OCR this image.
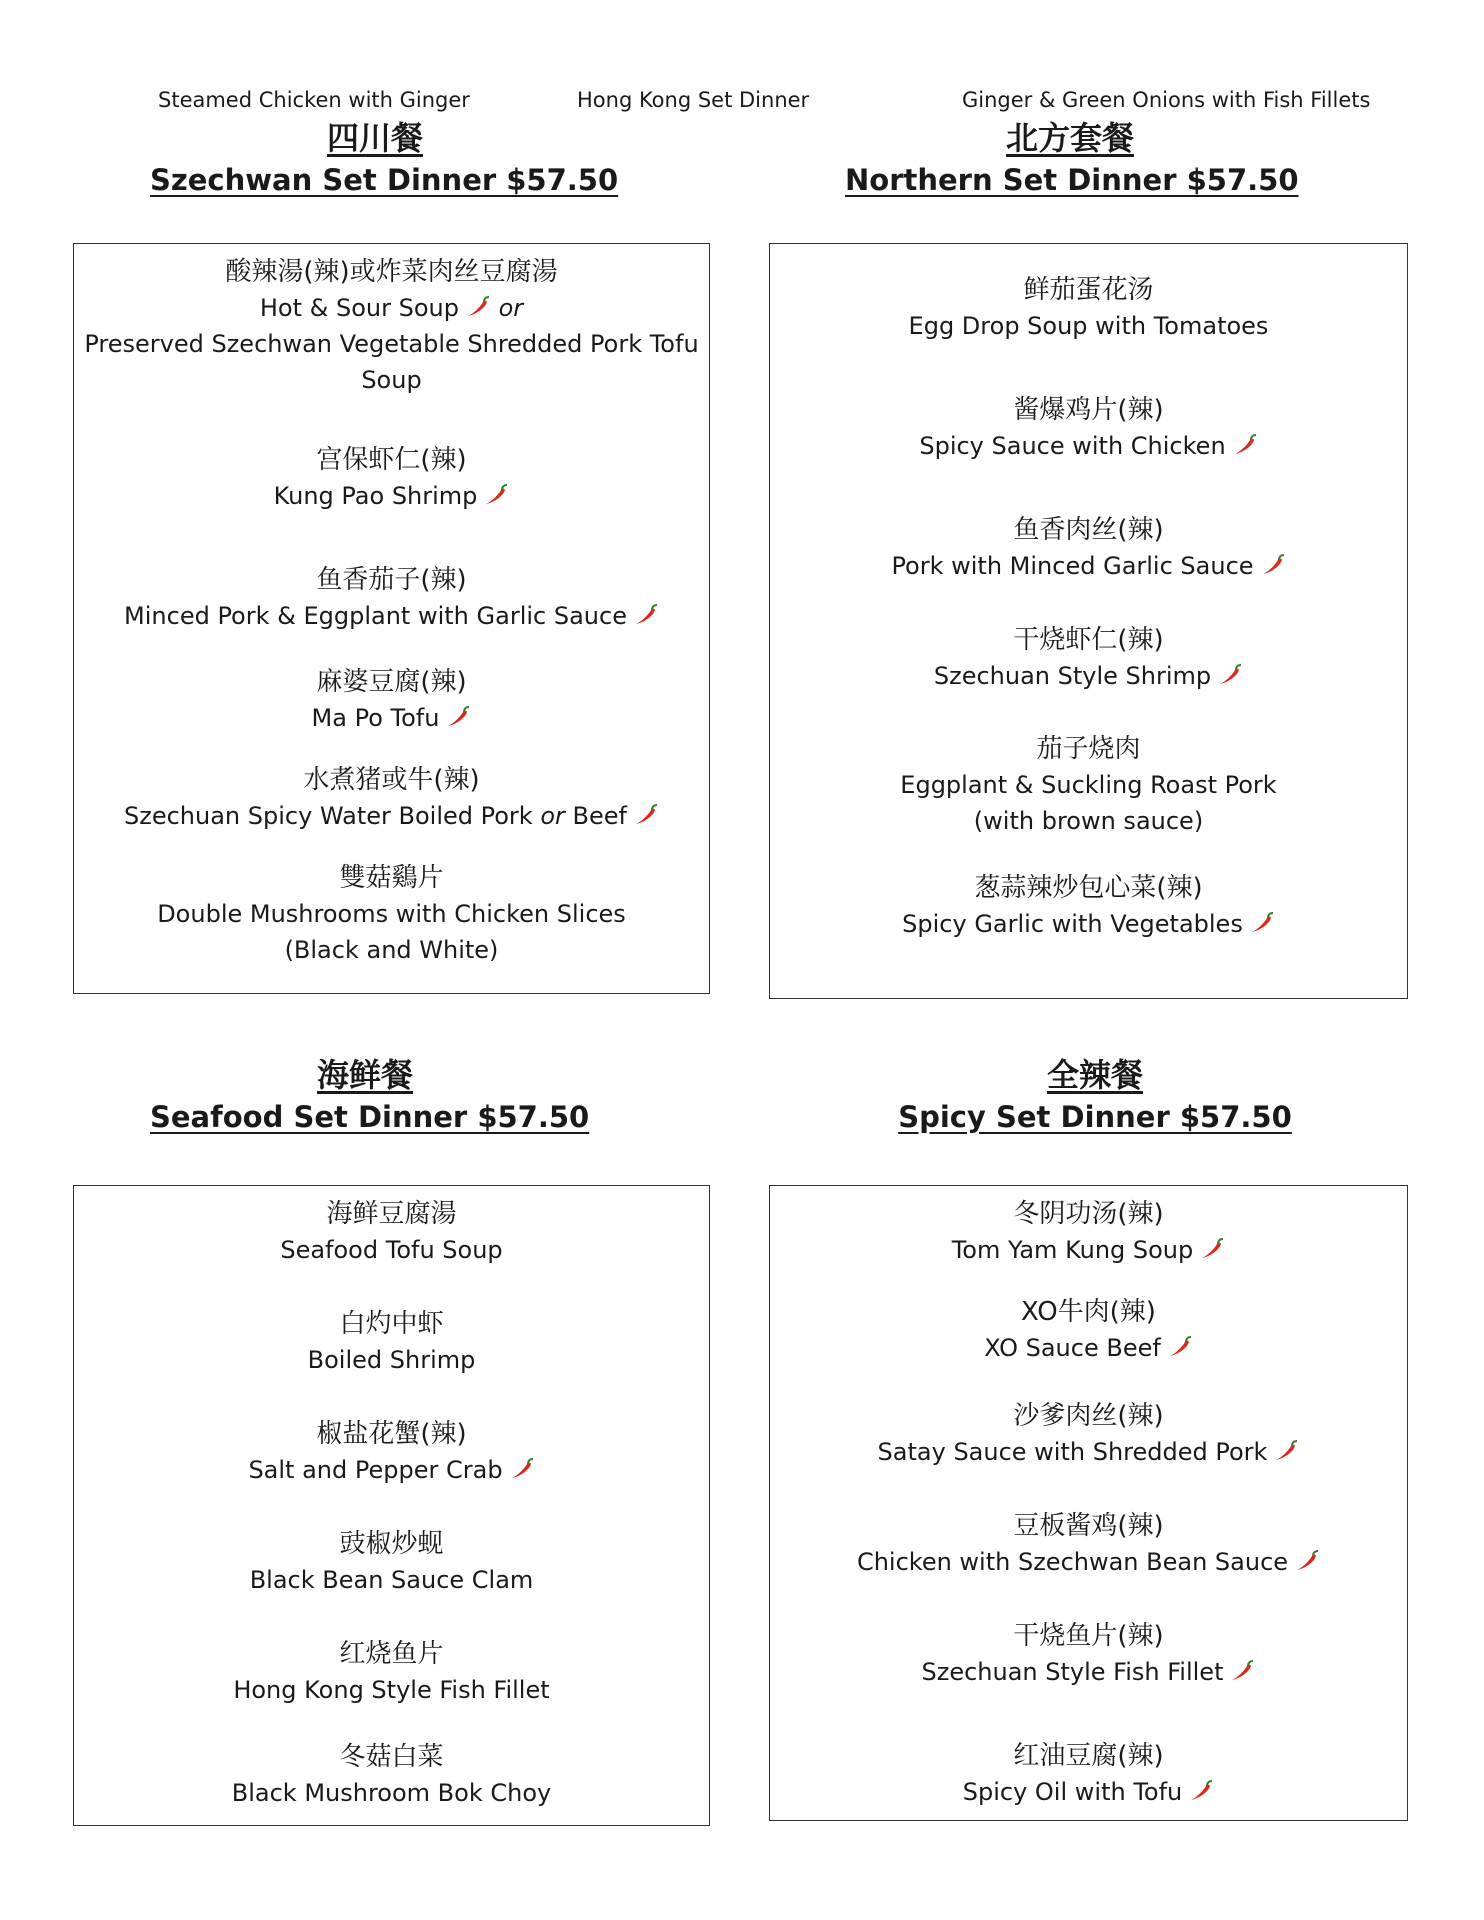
Steamed Chicken with Ginger	Hong Kong Set Dinner	Ginger & Green Onions with Fish Fillets
四川餐
Szechwan Set Dinner $57.50
北方套餐
Northern Set Dinner $57.50
酸辣湯(辣)或炸菜肉丝豆腐湯
Hot & Sour Soup or
Preserved Szechwan Vegetable Shredded Pork Tofu
Soup
宫保虾仁(辣)
Kung Pao Shrimp
鱼香茄子(辣)
Minced Pork & Eggplant with Garlic Sauce
麻婆豆腐(辣)
Ma Po Tofu
水煮猪或牛(辣)
Szechuan Spicy Water Boiled Pork or Beef
雙菇鷄片
Double Mushrooms with Chicken Slices
(Black and White)
鲜茄蛋花汤
Egg Drop Soup with Tomatoes
酱爆鸡片(辣)
Spicy Sauce with Chicken
鱼香肉丝(辣)
Pork with Minced Garlic Sauce
干烧虾仁(辣)
Szechuan Style Shrimp
茄子烧肉
Eggplant & Suckling Roast Pork
(with brown sauce)
葱蒜辣炒包心菜(辣)
Spicy Garlic with Vegetables
海鲜餐
Seafood Set Dinner $57.50
全辣餐
Spicy Set Dinner $57.50
海鲜豆腐湯
Seafood Tofu Soup
白灼中虾
Boiled Shrimp
椒盐花蟹(辣)
Salt and Pepper Crab
豉椒炒蚬
Black Bean Sauce Clam
红烧鱼片
Hong Kong Style Fish Fillet
冬菇白菜
Black Mushroom Bok Choy
冬阴功汤(辣)
Tom Yam Kung Soup
XO牛肉(辣)
XO Sauce Beef
沙爹肉丝(辣)
Satay Sauce with Shredded Pork
豆板酱鸡(辣)
Chicken with Szechwan Bean Sauce
干烧鱼片(辣)
Szechuan Style Fish Fillet
红油豆腐(辣)
Spicy Oil with Tofu
